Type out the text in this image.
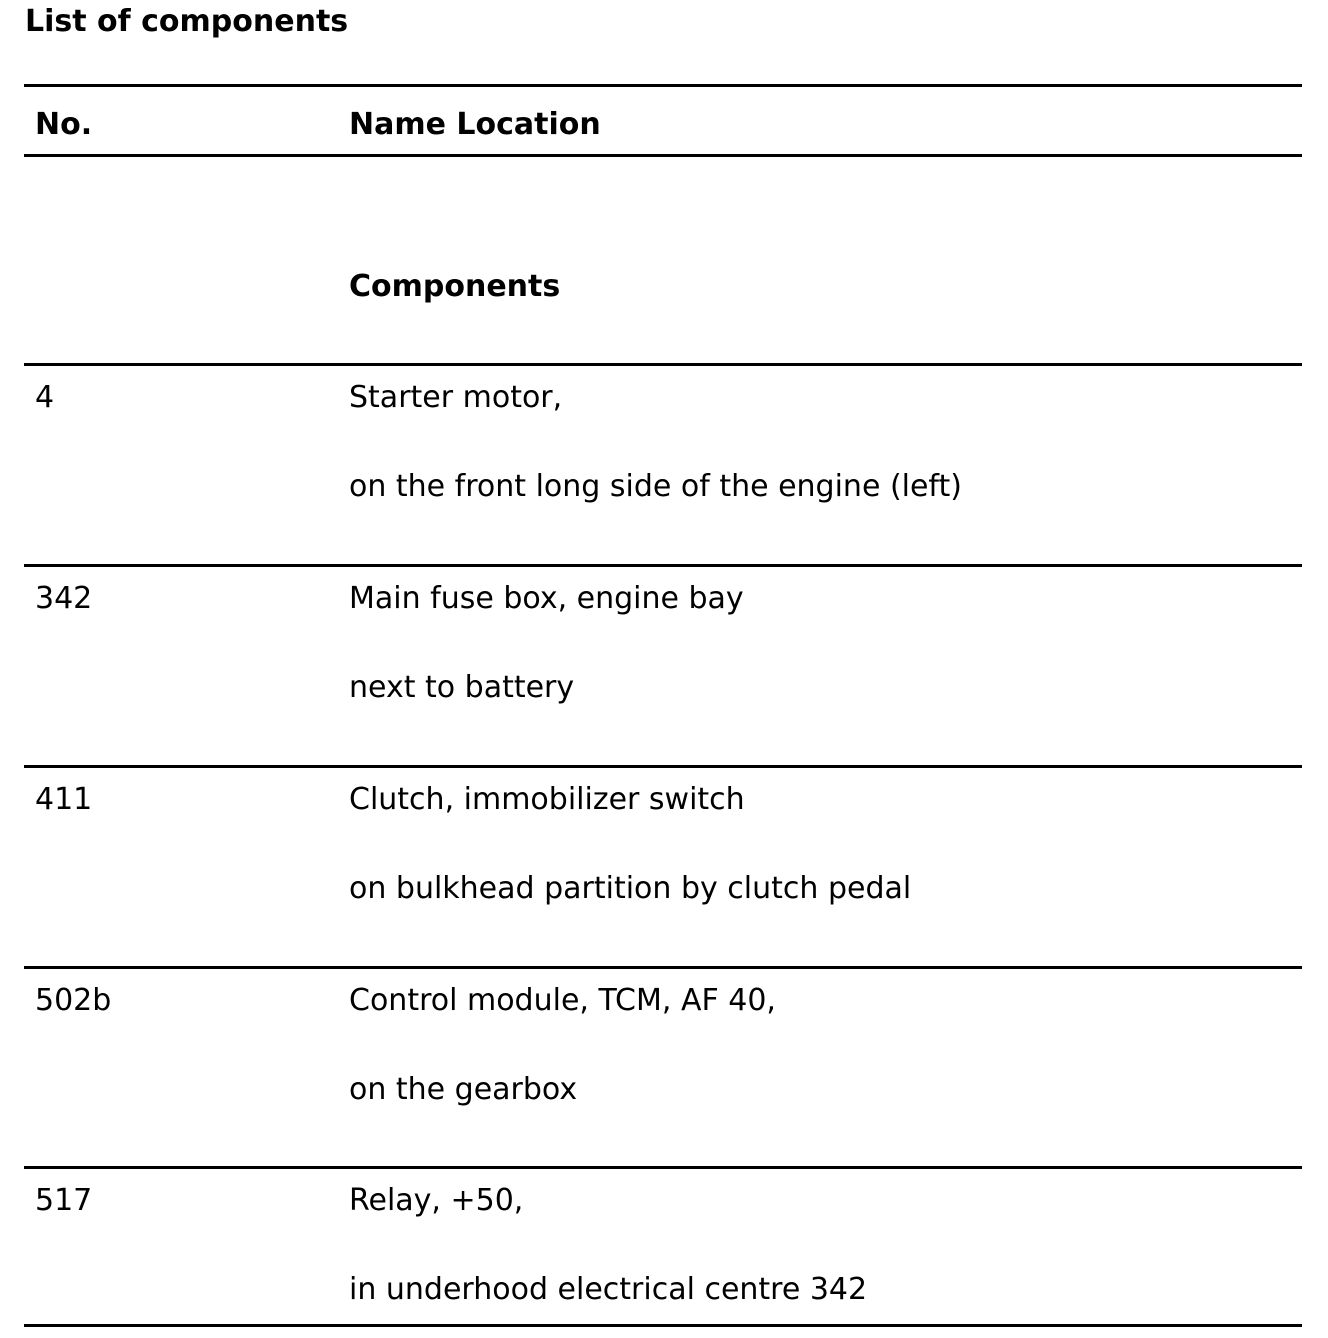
List of components
No.	Name Location
Components
4	Starter motor,
on the front long side of the engine (left)
342	Main fuse box, engine bay
next to battery
411	Clutch, immobilizer switch
on bulkhead partition by clutch pedal
502b	Control module, TCM, AF 40,
on the gearbox
517	Relay, +50,
in underhood electrical centre 342
